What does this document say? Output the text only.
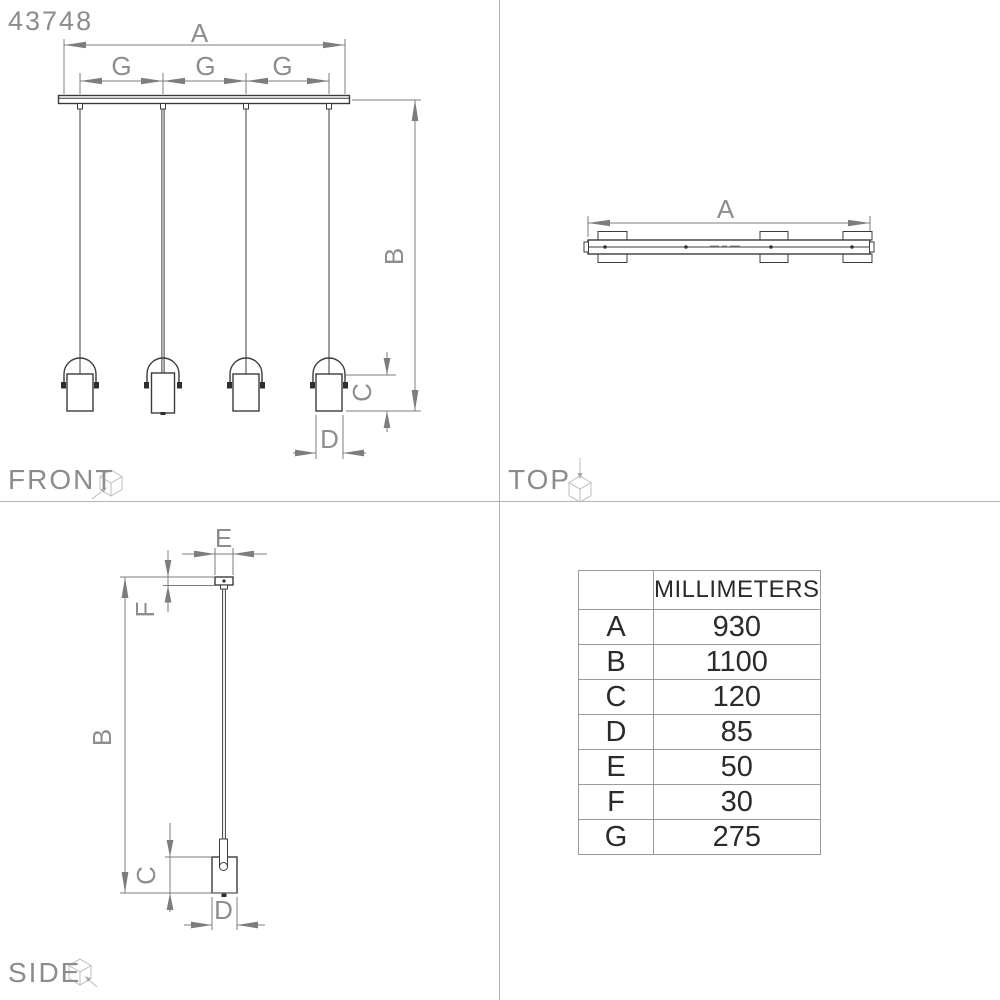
A
G G G
B
C
D
A
E
F
B
C
D
43748
FRONT	TOP
SIDE
	MILLIMETERS
A	930
B	1100
C	120
D	85
E	50
F	30
G	275
